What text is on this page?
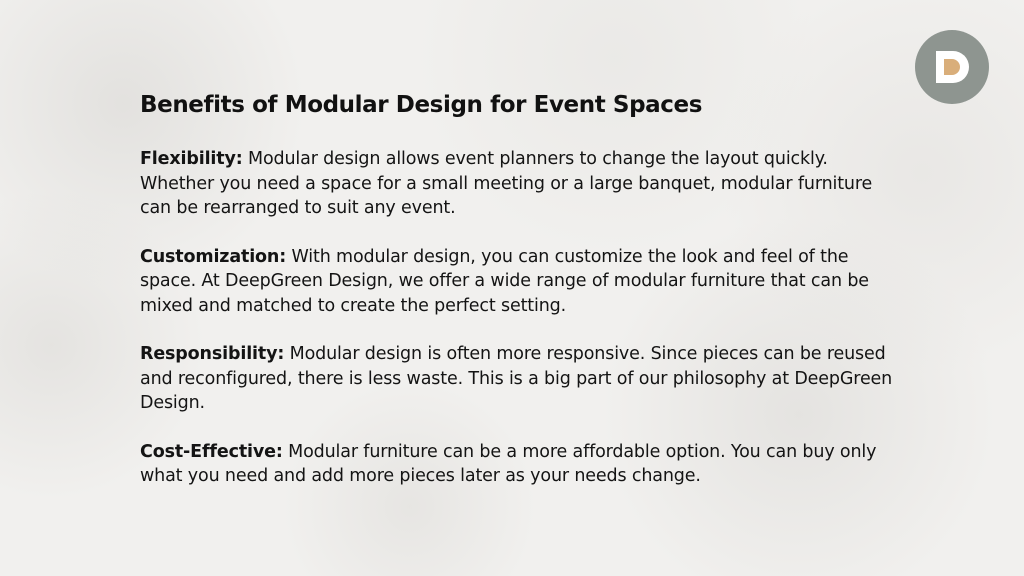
Benefits of Modular Design for Event Spaces

Flexibility: Modular design allows event planners to change the layout quickly. Whether you need a space for a small meeting or a large banquet, modular furniture can be rearranged to suit any event.

Customization: With modular design, you can customize the look and feel of the space. At DeepGreen Design, we offer a wide range of modular furniture that can be mixed and matched to create the perfect setting.

Responsibility: Modular design is often more responsive. Since pieces can be reused and reconfigured, there is less waste. This is a big part of our philosophy at DeepGreen Design.

Cost-Effective: Modular furniture can be a more affordable option. You can buy only what you need and add more pieces later as your needs change.
